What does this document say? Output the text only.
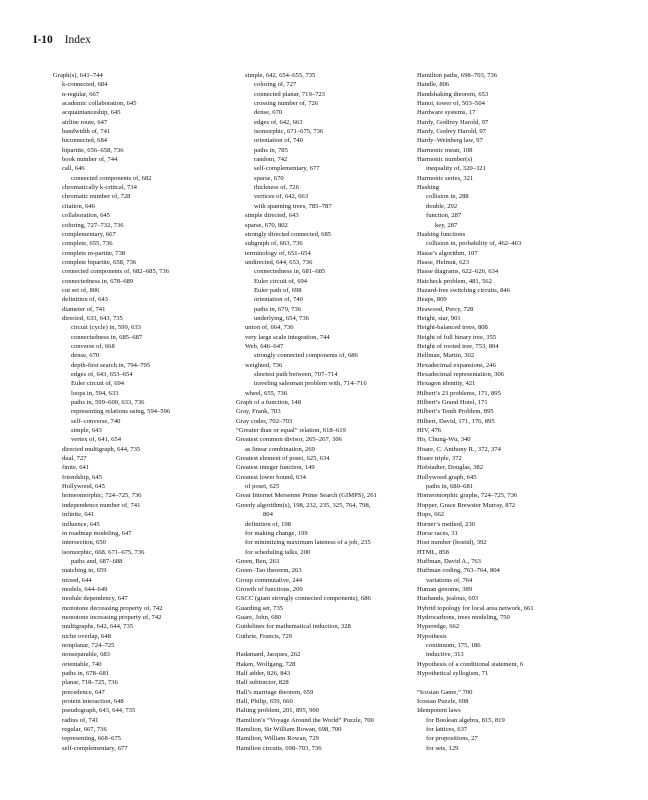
I-10 Index
Graph(s), 641–744
k-connected, 684
n-regular, 667
academic collaboration, 645
acquaintanceship, 645
airline route, 647
bandwidth of, 741
biconnected, 684
bipartite, 656–658, 736
book number of, 744
call, 646
connected components of, 682
chromatically k-critical, 734
chromatic number of, 728
citation, 646
collaboration, 645
coloring, 727–732, 736
complementary, 667
complete, 655, 736
complete m-partite, 738
complete bipartite, 658, 736
connected components of, 682–685, 736
connectedness in, 678–689
cut set of, 806
definition of, 643
diameter of, 741
directed, 633, 643, 735
circuit (cycle) in, 599, 633
connectedness in, 685–687
converse of, 668
dense, 670
depth-first search in, 794–795
edges of, 643, 653–654
Euler circuit of, 694
loops in, 594, 633
paths in, 599–600, 633, 736
representing relations using, 594–596
self–converse, 740
simple, 643
vertex of, 641, 654
directed multigraph, 644, 735
dual, 727
finite, 641
friendship, 645
Hollywood, 645
homeomorphic, 724–725, 736
independence number of, 741
infinite, 641
influence, 645
in roadmap modeling, 647
intersection, 650
isomorphic, 668, 671–675, 736
paths and, 687–688
matching in, 659
mixed, 644
models, 644–649
module dependency, 647
monotone decreasing property of, 742
monotone increasing property of, 742
multigraphs, 642, 644, 735
niche overlap, 648
nonplanar, 724–725
nonseparable, 683
orientable, 740
paths in, 678–681
planar, 718–725, 736
precedence, 647
protein interaction, 648
pseudograph, 643, 644, 735
radius of, 741
regular, 667, 736
representing, 668–675
self-complementary, 677
simple, 642, 654–655, 735
coloring of, 727
connected planar, 719–723
crossing number of, 726
dense, 670
edges of, 642, 663
isomorphic, 671–675, 736
orientation of, 740
paths in, 785
random, 742
self-complementary, 677
sparse, 670
thickness of, 726
vertices of, 642, 663
with spanning trees, 785–787
simple directed, 643
sparse, 670, 802
strongly directed connected, 685
subgraph of, 663, 736
terminology of, 651–654
undirected, 644, 653, 736
connectedness in, 681–685
Euler circuit of, 694
Euler path of, 698
orientation of, 740
paths in, 679, 736
underlying, 654, 736
union of, 664, 736
very large scale integration, 744
Web, 646–647
strongly connected components of, 686
weighted, 736
shortest path between, 707–714
traveling salesman problem with, 714–716
wheel, 655, 736
Graph of a function, 148
Gray, Frank, 703
Gray codes, 702–703
“Greater than or equal” relation, 618–619
Greatest common divisor, 265–267, 306
as linear combination, 269
Greatest element of poset, 625, 634
Greatest integer function, 149
Greatest lower bound, 634
of poset, 625
Great Internet Mersenne Prime Search (GIMPS), 261
Greedy algorithm(s), 198, 232, 235, 325, 764, 798,
804
definition of, 198
for making change, 199
for minimizing maximum lateness of a job, 235
for scheduling talks, 200
Green, Ben, 263
Green–Tao theorem, 263
Group commutative, 244
Growth of functions, 209
GSCC (giant strongly connected components), 686
Guarding set, 735
Guare, John, 680
Guidelines for mathematical induction, 328
Guthrie, Francis, 729
Hadamard, Jacques, 262
Haken, Wolfgang, 728
Half adder, 826, 843
Half subtractor, 828
Hall’s marriage theorem, 659
Hall, Philip, 659, 660
Halting problem, 201, 895, 900
Hamilton’s “Voyage Around the World” Puzzle, 700
Hamilton, Sir William Rowan, 698, 700
Hamilton, William Rowan, 729
Hamilton circuits, 698–703, 736
Hamilton paths, 698–703, 736
Handle, 806
Handshaking theorem, 653
Hanoi, tower of, 503–504
Hardware systems, 17
Hardy, Godfrey Harold, 97
Hardy, Godrey Harold, 97
Hardy–Weinberg law, 97
Harmonic mean, 108
Harmonic number(s)
inequality of, 320–321
Harmonic series, 321
Hashing
collision in, 288
double, 292
function, 287
key, 287
Hashing functions
collision in, probability of, 462–463
Hasse’s algorithm, 107
Hasse, Helmut, 623
Hasse diagrams, 622–626, 634
Hatcheck problem, 481, 562
Hazard-free switching circuits, 846
Heaps, 809
Heawood, Percy, 728
Height, star, 901
Height-balanced trees, 808
Height of full binary tree, 355
Height of rooted tree, 753, 804
Hellman, Martin, 302
Hexadecimal expansions, 246
Hexadecimal representation, 306
Hexagon identity, 421
Hilbert’s 23 problems, 171, 895
Hilbert’s Grand Hotel, 171
Hilbert’s Tenth Problem, 895
Hilbert, David, 171, 176, 895
HIV, 476
Ho, Chung-Wu, 340
Hoare, C. Anthony R., 372, 374
Hoare triple, 372
Hofstadter, Douglas, 382
Hollywood graph, 645
paths in, 680–681
Homeomorphic graphs, 724–725, 736
Hopper, Grace Brewster Murray, 872
Hops, 662
Horner’s method, 230
Horse races, 31
Host number (hostid), 392
HTML, 858
Huffman, David A., 763
Huffman coding, 763–764, 804
variations of, 764
Human genome, 389
Husbands, jealous, 693
Hybrid topology for local area network, 661
Hydrocarbons, trees modeling, 750
Hyperedge, 662
Hypothesis
continuum, 175, 186
inductive, 313
Hypothesis of a conditional statement, 6
Hypothetical syllogism, 71
“Icosian Game,” 700
Icosian Puzzle, 698
Idempotent laws
for Boolean algebra, 815, 819
for lattices, 637
for propositions, 27
for sets, 129
